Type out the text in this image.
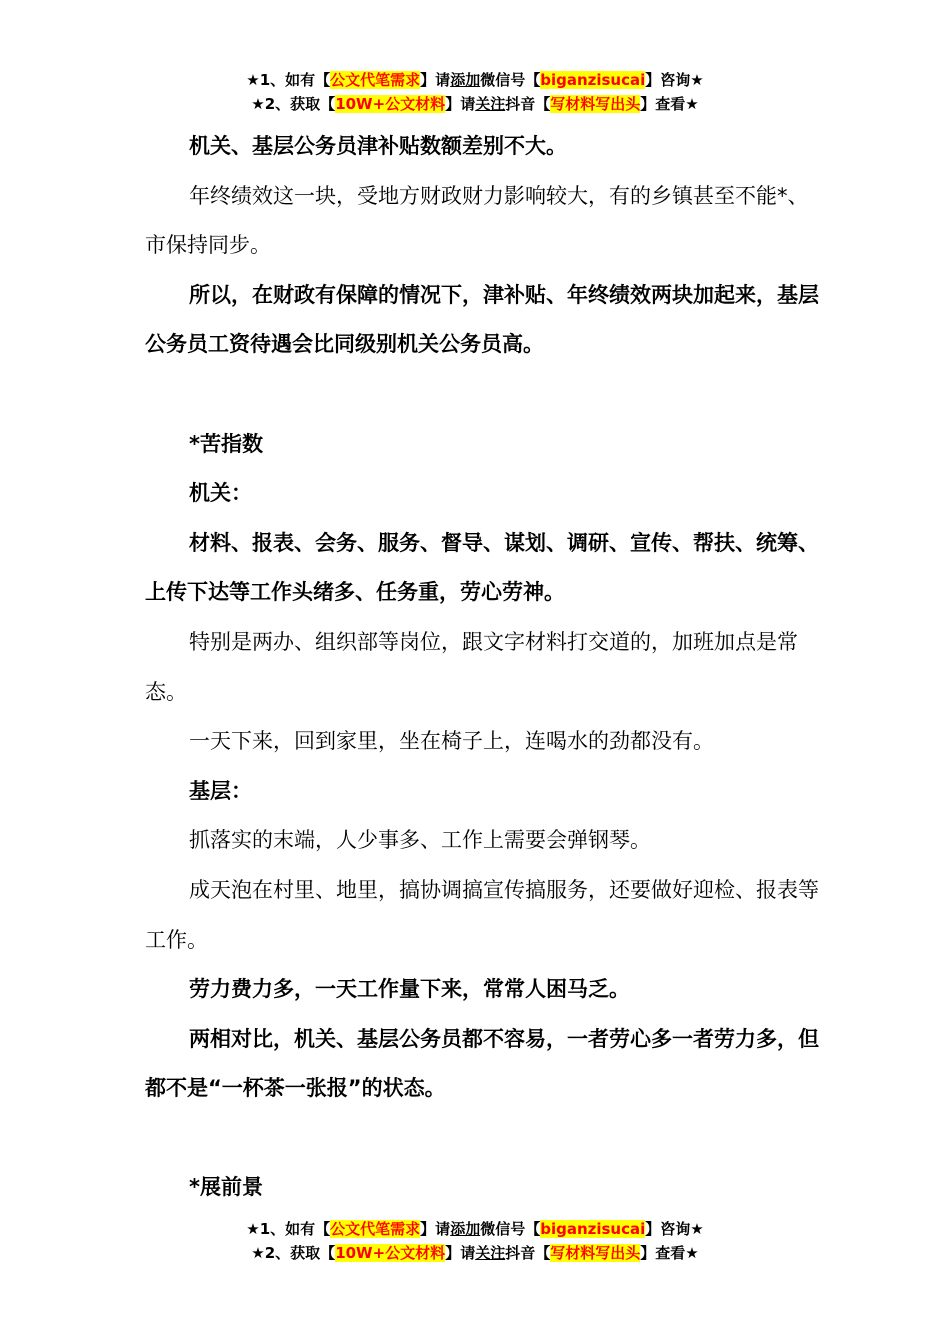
★1、如有【公文代笔需求】请添加微信号【biganzisucai】咨询★
★2、获取【10W+公文材料】请关注抖音【写材料写出头】查看★

机关、基层公务员津补贴数额差别不大。

年终绩效这一块，受地方财政财力影响较大，有的乡镇甚至不能*、市保持同步。

所以，在财政有保障的情况下，津补贴、年终绩效两块加起来，基层公务员工资待遇会比同级别机关公务员高。

*苦指数

机关：

材料、报表、会务、服务、督导、谋划、调研、宣传、帮扶、统筹、上传下达等工作头绪多、任务重，劳心劳神。

特别是两办、组织部等岗位，跟文字材料打交道的，加班加点是常态。

一天下来，回到家里，坐在椅子上，连喝水的劲都没有。

基层：

抓落实的末端，人少事多、工作上需要会弹钢琴。

成天泡在村里、地里，搞协调搞宣传搞服务，还要做好迎检、报表等工作。

劳力费力多，一天工作量下来，常常人困马乏。

两相对比，机关、基层公务员都不容易，一者劳心多一者劳力多，但都不是“一杯茶一张报”的状态。

*展前景

★1、如有【公文代笔需求】请添加微信号【biganzisucai】咨询★
★2、获取【10W+公文材料】请关注抖音【写材料写出头】查看★
